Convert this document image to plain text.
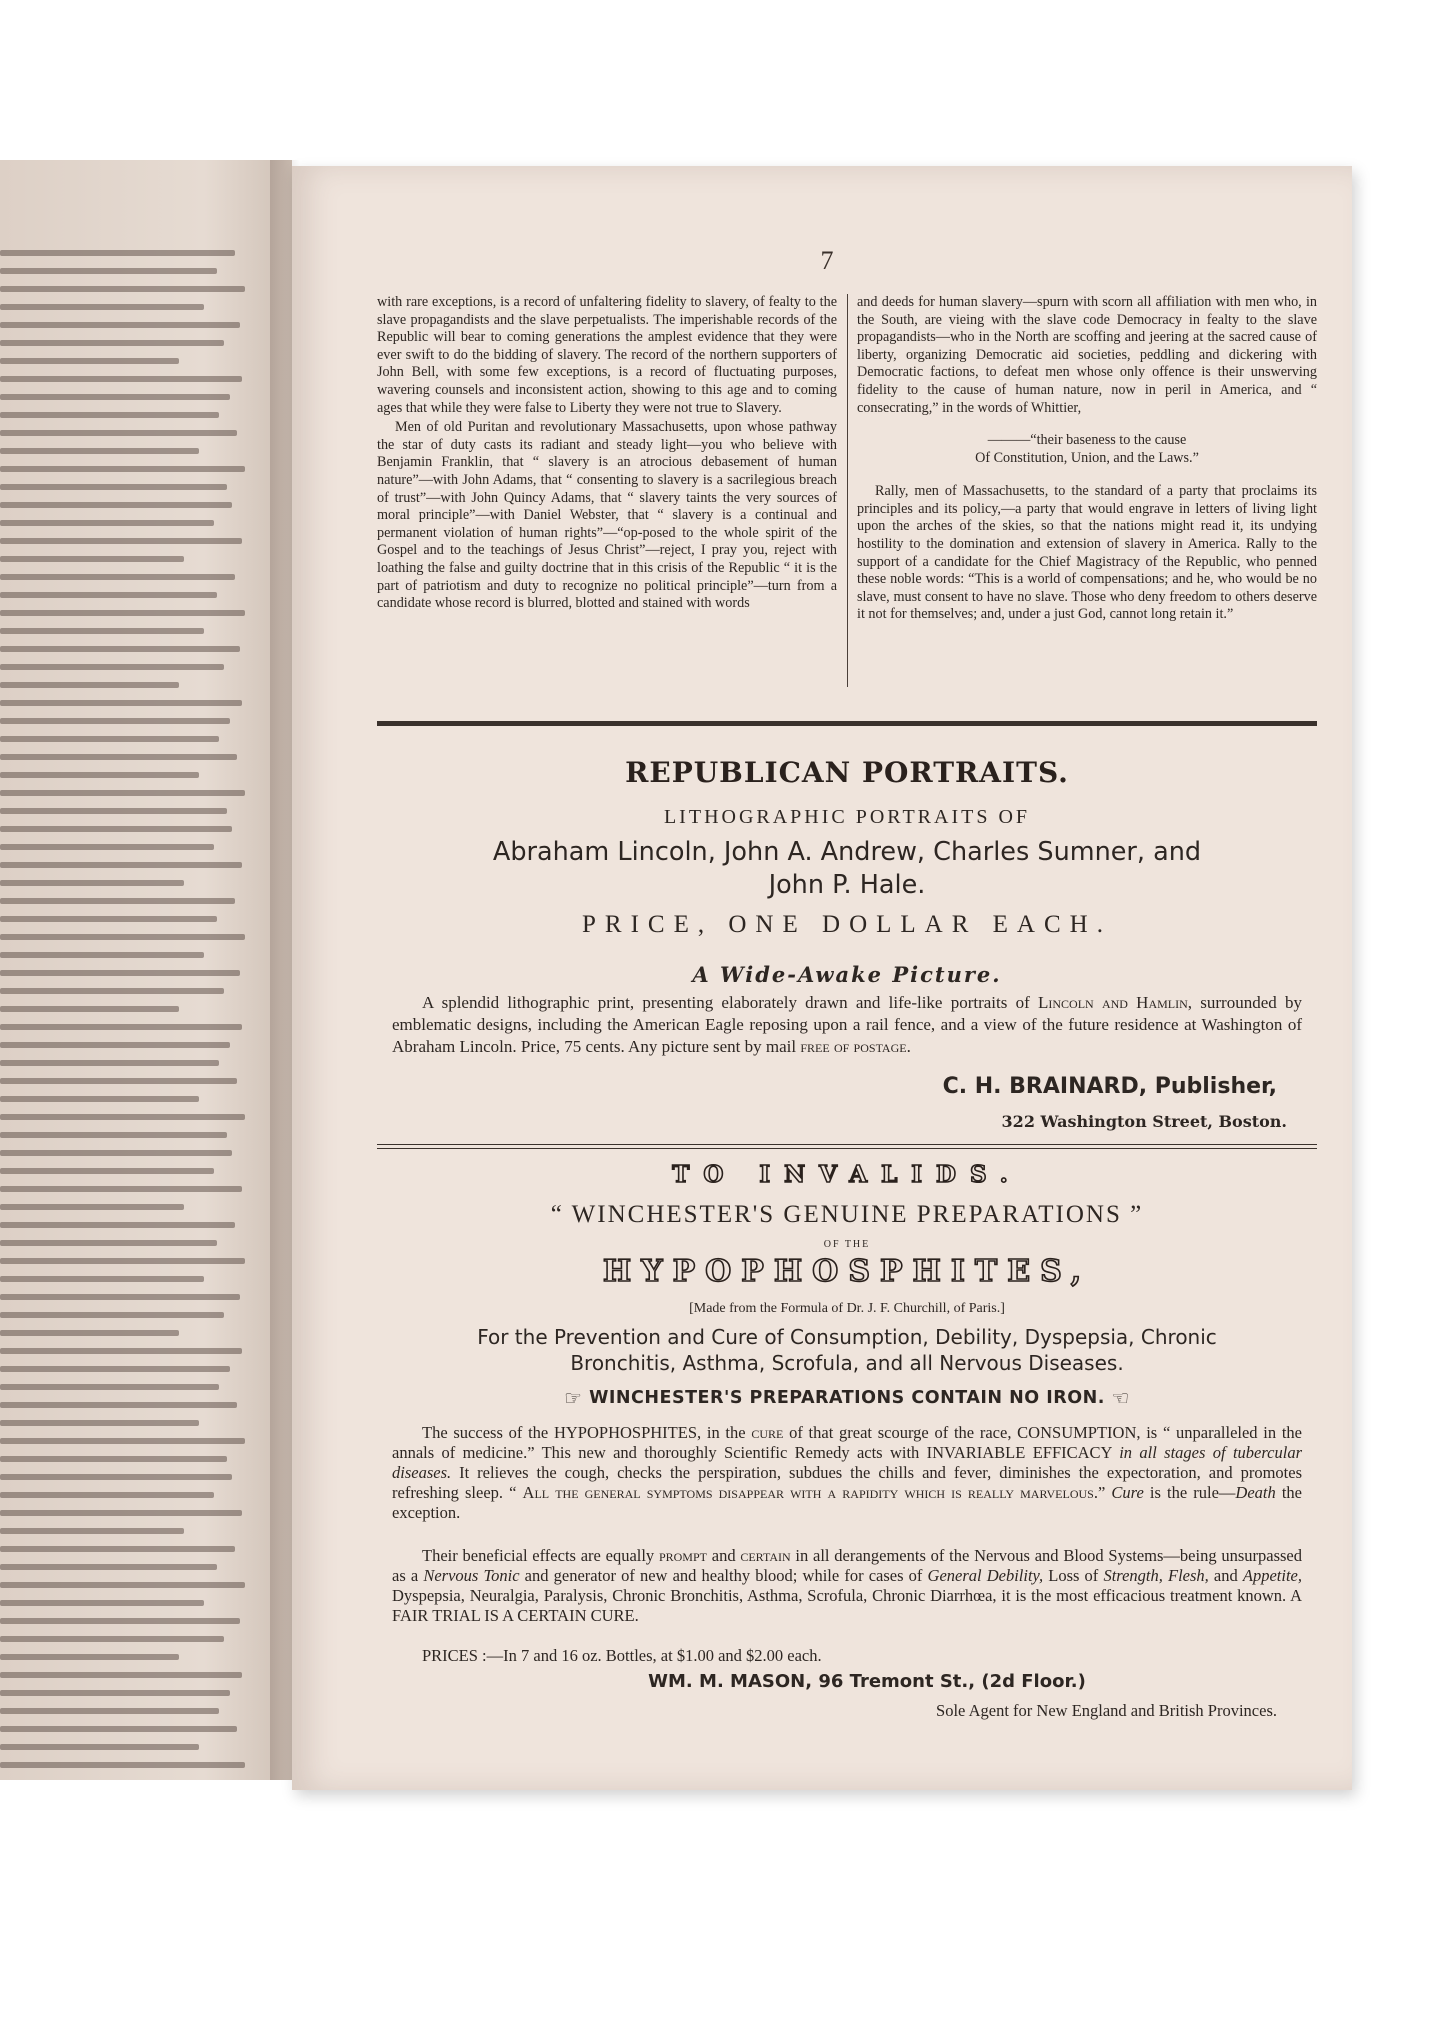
7

with rare exceptions, is a record of unfaltering fidelity to slavery, of fealty to the slave propagandists and the slave perpetualists. The imperishable records of the Republic will bear to coming generations the amplest evidence that they were ever swift to do the bidding of slavery. The record of the northern supporters of John Bell, with some few exceptions, is a record of fluctuating purposes, wavering counsels and inconsistent action, showing to this age and to coming ages that while they were false to Liberty they were not true to Slavery.

Men of old Puritan and revolutionary Massachusetts, upon whose pathway the star of duty casts its radiant and steady light—you who believe with Benjamin Franklin, that “ slavery is an atrocious debasement of human nature”—with John Adams, that “ consenting to slavery is a sacrilegious breach of trust”—with John Quincy Adams, that “ slavery taints the very sources of moral principle”—with Daniel Webster, that “ slavery is a continual and permanent violation of human rights”—“op-posed to the whole spirit of the Gospel and to the teachings of Jesus Christ”—reject, I pray you, reject with loathing the false and guilty doctrine that in this crisis of the Republic “ it is the part of patriotism and duty to recognize no political principle”—turn from a candidate whose record is blurred, blotted and stained with words

and deeds for human slavery—spurn with scorn all affiliation with men who, in the South, are vieing with the slave code Democracy in fealty to the slave propagandists—who in the North are scoffing and jeering at the sacred cause of liberty, organizing Democratic aid societies, peddling and dickering with Democratic factions, to defeat men whose only offence is their unswerving fidelity to the cause of human nature, now in peril in America, and “ consecrating,” in the words of Whittier,

———“their baseness to the cause
Of Constitution, Union, and the Laws.”

Rally, men of Massachusetts, to the standard of a party that proclaims its principles and its policy,—a party that would engrave in letters of living light upon the arches of the skies, so that the nations might read it, its undying hostility to the domination and extension of slavery in America. Rally to the support of a candidate for the Chief Magistracy of the Republic, who penned these noble words: “This is a world of compensations; and he, who would be no slave, must consent to have no slave. Those who deny freedom to others deserve it not for themselves; and, under a just God, cannot long retain it.”

REPUBLICAN PORTRAITS.
LITHOGRAPHIC PORTRAITS OF
Abraham Lincoln, John A. Andrew, Charles Sumner, and
John P. Hale.
PRICE, ONE DOLLAR EACH.
A Wide-Awake Picture.
A splendid lithographic print, presenting elaborately drawn and life-like portraits of Lincoln and Hamlin, surrounded by emblematic designs, including the American Eagle reposing upon a rail fence, and a view of the future residence at Washington of Abraham Lincoln. Price, 75 cents. Any picture sent by mail free of postage.
C. H. BRAINARD, Publisher,
322 Washington Street, Boston.
TO INVALIDS.
“ WINCHESTER'S GENUINE PREPARATIONS ”
OF THE
HYPOPHOSPHITES,
[Made from the Formula of Dr. J. F. Churchill, of Paris.]
For the Prevention and Cure of Consumption, Debility, Dyspepsia, Chronic
Bronchitis, Asthma, Scrofula, and all Nervous Diseases.
☞ WINCHESTER'S PREPARATIONS CONTAIN NO IRON. ☜
The success of the HYPOPHOSPHITES, in the cure of that great scourge of the race, CONSUMPTION, is “ unparalleled in the annals of medicine.” This new and thoroughly Scientific Remedy acts with INVARIABLE EFFICACY in all stages of tubercular diseases. It relieves the cough, checks the perspiration, subdues the chills and fever, diminishes the expectoration, and promotes refreshing sleep. “ All the general symptoms disappear with a rapidity which is really marvelous.” Cure is the rule—Death the exception.
Their beneficial effects are equally prompt and certain in all derangements of the Nervous and Blood Systems—being unsurpassed as a Nervous Tonic and generator of new and healthy blood; while for cases of General Debility, Loss of Strength, Flesh, and Appetite, Dyspepsia, Neuralgia, Paralysis, Chronic Bronchitis, Asthma, Scrofula, Chronic Diarrhœa, it is the most efficacious treatment known. A FAIR TRIAL IS A CERTAIN CURE.
PRICES :—In 7 and 16 oz. Bottles, at $1.00 and $2.00 each.
WM. M. MASON, 96 Tremont St., (2d Floor.)
Sole Agent for New England and British Provinces.
